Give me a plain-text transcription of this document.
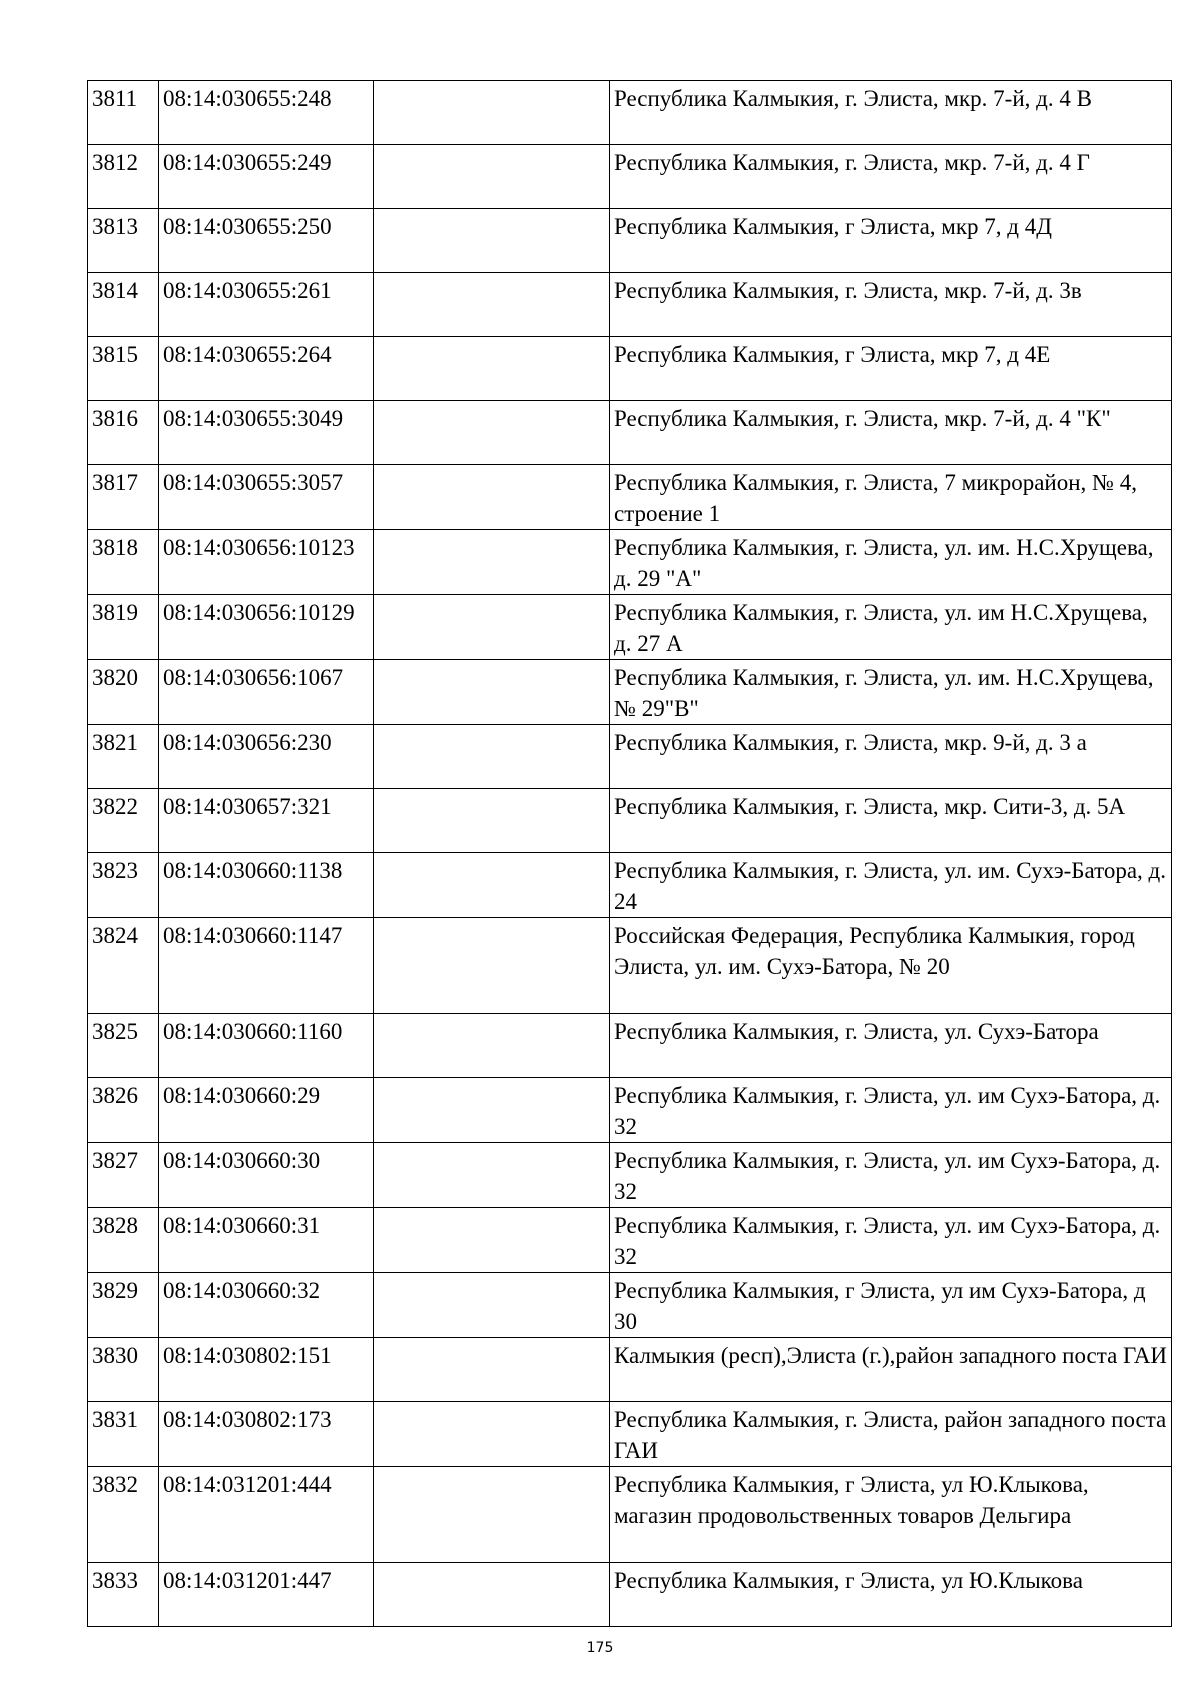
3811	08:14:030655:248		Республика Калмыкия, г. Элиста, мкр. 7-й, д. 4 В
3812	08:14:030655:249		Республика Калмыкия, г. Элиста, мкр. 7-й, д. 4 Г
3813	08:14:030655:250		Республика Калмыкия, г Элиста, мкр 7, д 4Д
3814	08:14:030655:261		Республика Калмыкия, г. Элиста, мкр. 7-й, д. 3в
3815	08:14:030655:264		Республика Калмыкия, г Элиста, мкр 7, д 4Е
3816	08:14:030655:3049		Республика Калмыкия, г. Элиста, мкр. 7-й, д. 4 "К"
3817	08:14:030655:3057		Республика Калмыкия, г. Элиста, 7 микрорайон, № 4, строение 1
3818	08:14:030656:10123		Республика Калмыкия, г. Элиста, ул. им. Н.С.Хрущева, д. 29 "А"
3819	08:14:030656:10129		Республика Калмыкия, г. Элиста, ул. им Н.С.Хрущева, д. 27 А
3820	08:14:030656:1067		Республика Калмыкия, г. Элиста, ул. им. Н.С.Хрущева, № 29"В"
3821	08:14:030656:230		Республика Калмыкия, г. Элиста, мкр. 9-й, д. 3 а
3822	08:14:030657:321		Республика Калмыкия, г. Элиста, мкр. Сити-3, д. 5А
3823	08:14:030660:1138		Республика Калмыкия, г. Элиста, ул. им. Сухэ-Батора, д. 24
3824	08:14:030660:1147		Российская Федерация, Республика Калмыкия, город Элиста, ул. им. Сухэ-Батора, № 20
3825	08:14:030660:1160		Республика Калмыкия, г. Элиста, ул. Сухэ-Батора
3826	08:14:030660:29		Республика Калмыкия, г. Элиста, ул. им Сухэ-Батора, д. 32
3827	08:14:030660:30		Республика Калмыкия, г. Элиста, ул. им Сухэ-Батора, д. 32
3828	08:14:030660:31		Республика Калмыкия, г. Элиста, ул. им Сухэ-Батора, д. 32
3829	08:14:030660:32		Республика Калмыкия, г Элиста, ул им Сухэ-Батора, д 30
3830	08:14:030802:151		Калмыкия (респ),Элиста (г.),район западного поста ГАИ
3831	08:14:030802:173		Республика Калмыкия, г. Элиста, район западного поста ГАИ
3832	08:14:031201:444		Республика Калмыкия, г Элиста, ул Ю.Клыкова, магазин продовольственных товаров Дельгира
3833	08:14:031201:447		Республика Калмыкия, г Элиста, ул Ю.Клыкова
175
